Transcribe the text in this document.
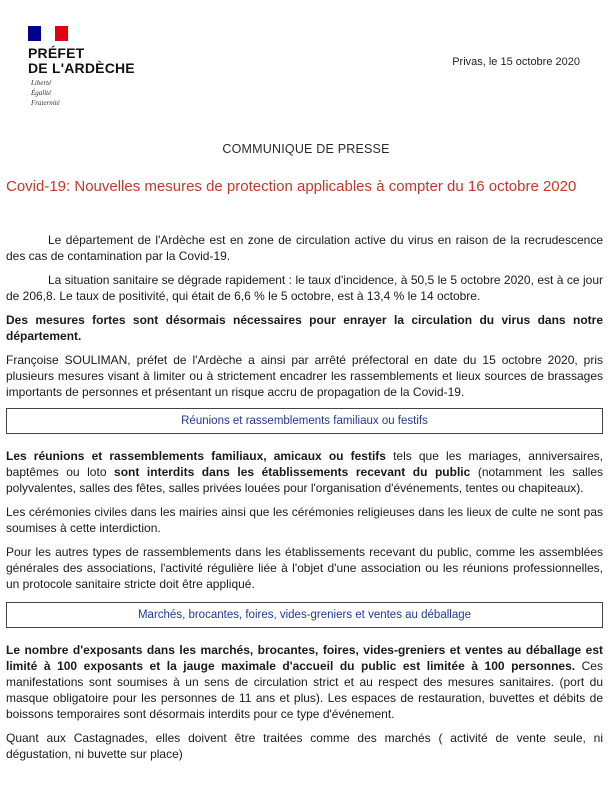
PRÉFET
DE L'ARDÈCHE
Liberté
Égalité
Fraternité
Privas, le 15 octobre 2020
COMMUNIQUE DE PRESSE
Covid-19: Nouvelles mesures de protection applicables à compter du 16 octobre 2020

Le département de l'Ardèche est en zone de circulation active du virus en raison de la recrudescence des cas de contamination par la Covid-19.

La situation sanitaire se dégrade rapidement : le taux d'incidence, à 50,5 le 5 octobre 2020, est à ce jour de 206,8. Le taux de positivité, qui était de 6,6 % le 5 octobre, est à 13,4 % le 14 octobre.

Des mesures fortes sont désormais nécessaires pour enrayer la circulation du virus dans notre département.

Françoise SOULIMAN, préfet de l'Ardèche a ainsi par arrêté préfectoral en date du 15 octobre 2020, pris plusieurs mesures visant à limiter ou à strictement encadrer les rassemblements et lieux sources de brassages importants de personnes et présentant un risque accru de propagation de la Covid-19.

Réunions et rassemblements familiaux ou festifs

Les réunions et rassemblements familiaux, amicaux ou festifs tels que les mariages, anniversaires, baptêmes ou loto sont interdits dans les établissements recevant du public (notamment les salles polyvalentes, salles des fêtes, salles privées louées pour l'organisation d'événements, tentes ou chapiteaux).

Les cérémonies civiles dans les mairies ainsi que les cérémonies religieuses dans les lieux de culte ne sont pas soumises à cette interdiction.

Pour les autres types de rassemblements dans les établissements recevant du public, comme les assemblées générales des associations, l'activité régulière liée à l'objet d'une association ou les réunions professionnelles, un protocole sanitaire stricte doit être appliqué.

Marchés, brocantes, foires, vides-greniers et ventes au déballage

Le nombre d'exposants dans les marchés, brocantes, foires, vides-greniers et ventes au déballage est limité à 100 exposants et la jauge maximale d'accueil du public est limitée à 100 personnes. Ces manifestations sont soumises à un sens de circulation strict et au respect des mesures sanitaires. (port du masque obligatoire pour les personnes de 11 ans et plus). Les espaces de restauration, buvettes et débits de boissons temporaires sont désormais interdits pour ce type d'événement.

Quant aux Castagnades, elles doivent être traitées comme des marchés ( activité de vente seule, ni dégustation, ni buvette sur place)
